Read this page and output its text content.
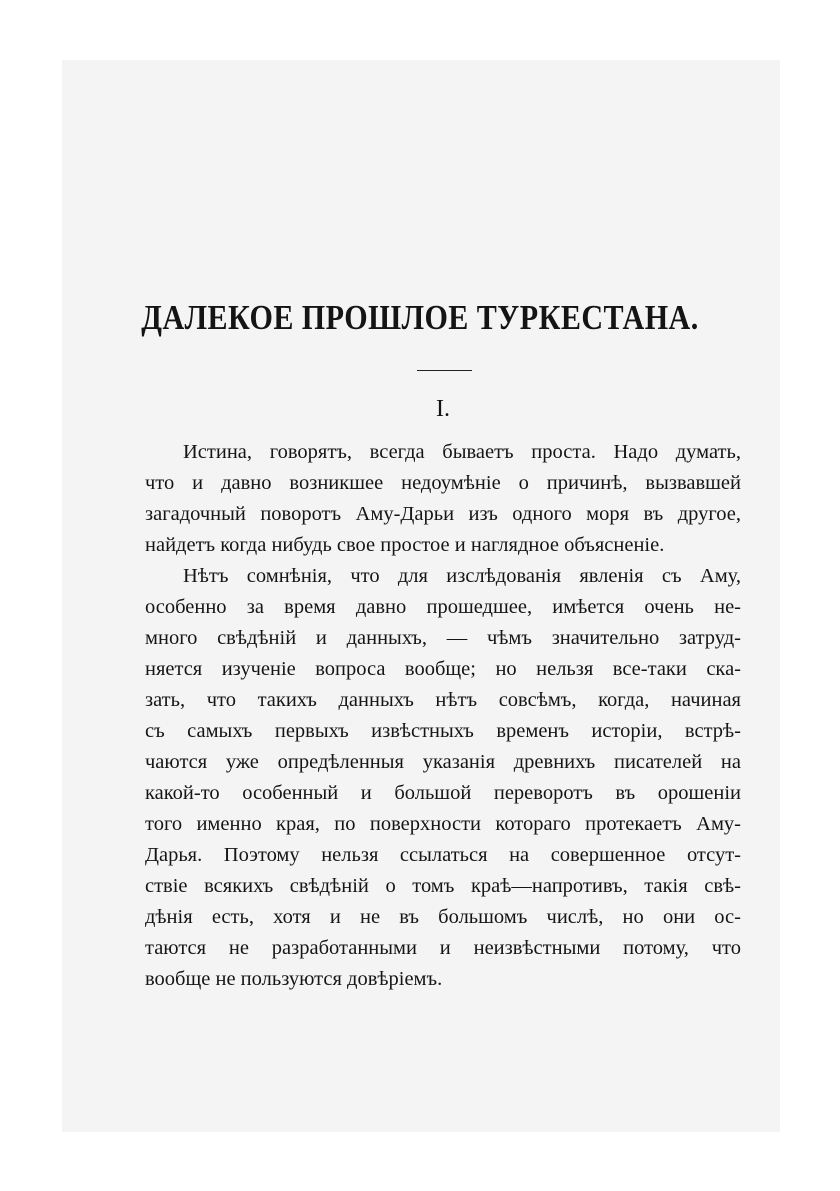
ДАЛЕКОЕ ПРОШЛОЕ ТУРКЕСТАНА.
I.
Истина, говорятъ, всегда бываетъ проста. Надо думать,
что и давно возникшее недоумѣніе о причинѣ, вызвавшей
загадочный поворотъ Аму-Дарьи изъ одного моря въ другое,
найдетъ когда нибудь свое простое и наглядное объясненіе.
Нѣтъ сомнѣнія, что для изслѣдованія явленія съ Аму,
особенно за время давно прошедшее, имѣется очень не-
много свѣдѣній и данныхъ, — чѣмъ значительно затруд-
няется изученіе вопроса вообще; но нельзя все-таки ска-
зать, что такихъ данныхъ нѣтъ совсѣмъ, когда, начиная
съ самыхъ первыхъ извѣстныхъ временъ исторіи, встрѣ-
чаются уже опредѣленныя указанія древнихъ писателей на
какой-то особенный и большой переворотъ въ орошеніи
того именно края, по поверхности котораго протекаетъ Аму-
Дарья. Поэтому нельзя ссылаться на совершенное отсут-
ствіе всякихъ свѣдѣній о томъ краѣ—напротивъ, такія свѣ-
дѣнія есть, хотя и не въ большомъ числѣ, но они ос-
таются не разработанными и неизвѣстными потому, что
вообще не пользуются довѣріемъ.
